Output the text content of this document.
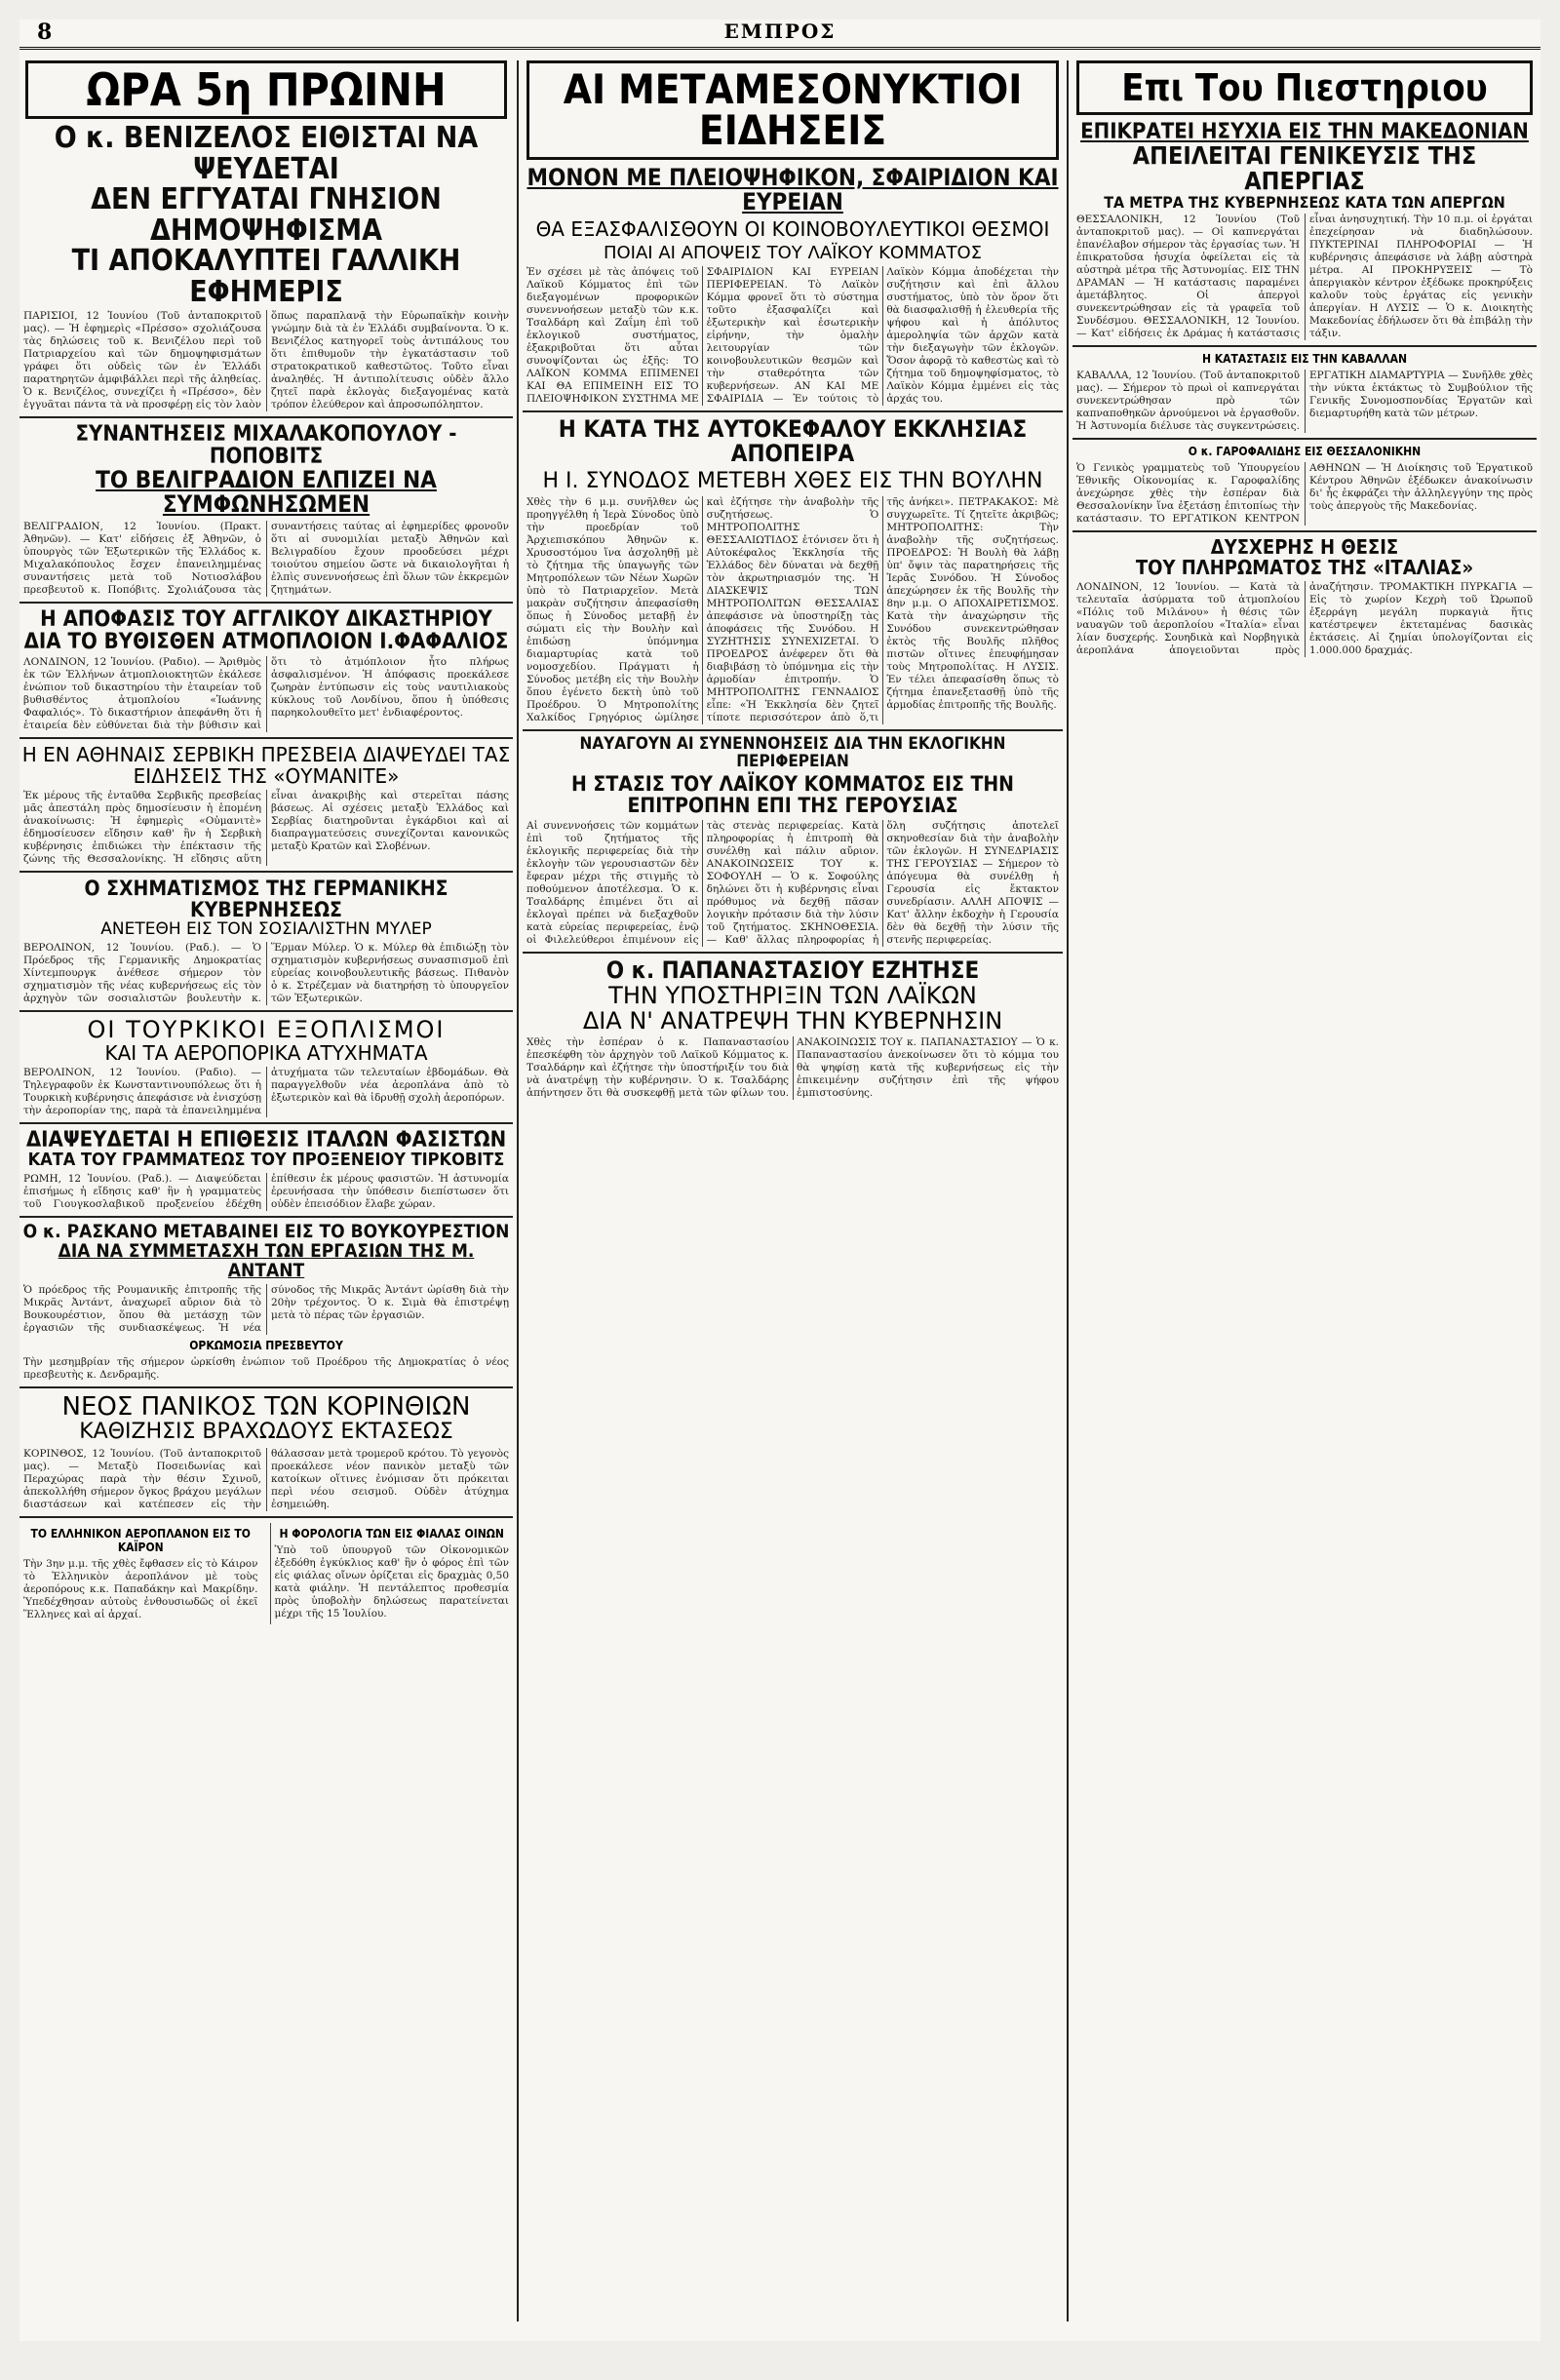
8	ΕΜΠΡΟΣ
ΩΡΑ 5η ΠΡΩΙΝΗ
Ο κ. ΒΕΝΙΖΕΛΟΣ ΕΙΘΙΣΤΑΙ ΝΑ ΨΕΥΔΕΤΑΙ
ΔΕΝ ΕΓΓΥΑΤΑΙ ΓΝΗΣΙΟΝ ΔΗΜΟΨΗΦΙΣΜΑ
ΤΙ ΑΠΟΚΑΛΥΠΤΕΙ ΓΑΛΛΙΚΗ ΕΦΗΜΕΡΙΣ
ΠΑΡΙΣΙΟΙ, 12 Ἰουνίου (Τοῦ ἀνταποκριτοῦ μας). — Ἡ ἐφημερὶς «Πρέσσο» σχολιάζουσα τὰς δηλώσεις τοῦ κ. Βενιζέλου περὶ τοῦ Πατριαρχείου καὶ τῶν δημοψηφισμάτων γράφει ὅτι οὐδεὶς τῶν ἐν Ἑλλάδι παρατηρητῶν ἀμφιβάλλει περὶ τῆς ἀληθείας. Ὁ κ. Βενιζέλος, συνεχίζει ἡ «Πρέσσο», δὲν ἐγγυᾶται πάντα τὰ νὰ προσφέρῃ εἰς τὸν λαὸν ὅπως παραπλανᾷ τὴν Εὐρωπαϊκὴν κοινὴν γνώμην διὰ τὰ ἐν Ἑλλάδι συμβαίνοντα. Ὁ κ. Βενιζέλος κατηγορεῖ τοὺς ἀντιπάλους του ὅτι ἐπιθυμοῦν τὴν ἐγκατάστασιν τοῦ στρατοκρατικοῦ καθεστῶτος. Τοῦτο εἶναι ἀναληθές. Ἡ ἀντιπολίτευσις οὐδὲν ἄλλο ζητεῖ παρὰ ἐκλογὰς διεξαγομένας κατὰ τρόπον ἐλεύθερον καὶ ἀπροσωπόληπτον.
ΣΥΝΑΝΤΗΣΕΙΣ ΜΙΧΑΛΑΚΟΠΟΥΛΟΥ - ΠΟΠΟΒΙΤΣ
ΤΟ ΒΕΛΙΓΡΑΔΙΟΝ ΕΛΠΙΖΕΙ ΝΑ ΣΥΜΦΩΝΗΣΩΜΕΝ
ΒΕΛΙΓΡΑΔΙΟΝ, 12 Ἰουνίου. (Πρακτ. Ἀθηνῶν). — Κατ' εἰδήσεις ἐξ Ἀθηνῶν, ὁ ὑπουργὸς τῶν Ἐξωτερικῶν τῆς Ἑλλάδος κ. Μιχαλακόπουλος ἔσχεν ἐπανειλημμένας συναντήσεις μετὰ τοῦ Νοτιοσλάβου πρεσβευτοῦ κ. Ποπόβιτς. Σχολιάζουσα τὰς συναντήσεις ταύτας αἱ ἐφημερίδες φρονοῦν ὅτι αἱ συνομιλίαι μεταξὺ Ἀθηνῶν καὶ Βελιγραδίου ἔχουν προοδεύσει μέχρι τοιούτου σημείου ὥστε νὰ δικαιολογῆται ἡ ἐλπὶς συνεννοήσεως ἐπὶ ὅλων τῶν ἐκκρεμῶν ζητημάτων.
Η ΑΠΟΦΑΣΙΣ ΤΟΥ ΑΓΓΛΙΚΟΥ ΔΙΚΑΣΤΗΡΙΟΥ
ΔΙΑ ΤΟ ΒΥΘΙΣΘΕΝ ΑΤΜΟΠΛΟΙΟΝ Ι.ΦΑΦΑΛΙΟΣ
ΛΟΝΔΙΝΟΝ, 12 Ἰουνίου. (Ραδιο). — Ἀριθμὸς ἐκ τῶν Ἑλλήνων ἀτμοπλοιοκτητῶν ἐκάλεσε ἐνώπιον τοῦ δικαστηρίου τὴν ἑταιρείαν τοῦ βυθισθέντος ἀτμοπλοίου «Ἰωάννης Φαφαλιός». Τὸ δικαστήριον ἀπεφάνθη ὅτι ἡ ἑταιρεία δὲν εὐθύνεται διὰ τὴν βύθισιν καὶ ὅτι τὸ ἀτμόπλοιον ἦτο πλήρως ἀσφαλισμένον. Ἡ ἀπόφασις προεκάλεσε ζωηρὰν ἐντύπωσιν εἰς τοὺς ναυτιλιακοὺς κύκλους τοῦ Λονδίνου, ὅπου ἡ ὑπόθεσις παρηκολουθεῖτο μετ' ἐνδιαφέροντος.
Η ΕΝ ΑΘΗΝΑΙΣ ΣΕΡΒΙΚΗ ΠΡΕΣΒΕΙΑ ΔΙΑΨΕΥΔΕΙ ΤΑΣ ΕΙΔΗΣΕΙΣ ΤΗΣ «ΟΥΜΑΝΙΤΕ»
Ἐκ μέρους τῆς ἐνταῦθα Σερβικῆς πρεσβείας μᾶς ἀπεστάλη πρὸς δημοσίευσιν ἡ ἑπομένη ἀνακοίνωσις: Ἡ ἐφημερὶς «Οὐμανιτὲ» ἐδημοσίευσεν εἴδησιν καθ' ἣν ἡ Σερβικὴ κυβέρνησις ἐπιδιώκει τὴν ἐπέκτασιν τῆς ζώνης τῆς Θεσσαλονίκης. Ἡ εἴδησις αὕτη εἶναι ἀνακριβὴς καὶ στερεῖται πάσης βάσεως. Αἱ σχέσεις μεταξὺ Ἑλλάδος καὶ Σερβίας διατηροῦνται ἐγκάρδιοι καὶ αἱ διαπραγματεύσεις συνεχίζονται κανονικῶς μεταξὺ Κρατῶν καὶ Σλοβένων.
Ο ΣΧΗΜΑΤΙΣΜΟΣ ΤΗΣ ΓΕΡΜΑΝΙΚΗΣ ΚΥΒΕΡΝΗΣΕΩΣ
ΑΝΕΤΕΘΗ ΕΙΣ ΤΟΝ ΣΟΣΙΑΛΙΣΤΗΝ ΜΥΛΕΡ
ΒΕΡΟΛΙΝΟΝ, 12 Ἰουνίου. (Ραδ.). — Ὁ Πρόεδρος τῆς Γερμανικῆς Δημοκρατίας Χίντεμπουργκ ἀνέθεσε σήμερον τὸν σχηματισμὸν τῆς νέας κυβερνήσεως εἰς τὸν ἀρχηγὸν τῶν σοσιαλιστῶν βουλευτὴν κ. Ἕρμαν Μύλερ. Ὁ κ. Μύλερ θὰ ἐπιδιώξῃ τὸν σχηματισμὸν κυβερνήσεως συνασπισμοῦ ἐπὶ εὐρείας κοινοβουλευτικῆς βάσεως. Πιθανὸν ὁ κ. Στρέζεμαν νὰ διατηρήσῃ τὸ ὑπουργεῖον τῶν Ἐξωτερικῶν.
ΟΙ ΤΟΥΡΚΙΚΟΙ ΕΞΟΠΛΙΣΜΟΙ
ΚΑΙ ΤΑ ΑΕΡΟΠΟΡΙΚΑ ΑΤΥΧΗΜΑΤΑ
ΒΕΡΟΛΙΝΟΝ, 12 Ἰουνίου. (Ραδιο). — Τηλεγραφοῦν ἐκ Κωνσταντινουπόλεως ὅτι ἡ Τουρκικὴ κυβέρνησις ἀπεφάσισε νὰ ἐνισχύσῃ τὴν ἀεροπορίαν της, παρὰ τὰ ἐπανειλημμένα ἀτυχήματα τῶν τελευταίων ἑβδομάδων. Θὰ παραγγελθοῦν νέα ἀεροπλάνα ἀπὸ τὸ ἐξωτερικὸν καὶ θὰ ἱδρυθῇ σχολὴ ἀεροπόρων.
ΔΙΑΨΕΥΔΕΤΑΙ Η ΕΠΙΘΕΣΙΣ ΙΤΑΛΩΝ ΦΑΣΙΣΤΩΝ
ΚΑΤΑ ΤΟΥ ΓΡΑΜΜΑΤΕΩΣ ΤΟΥ ΠΡΟΞΕΝΕΙΟΥ ΤΙΡΚΟΒΙΤΣ
ΡΩΜΗ, 12 Ἰουνίου. (Ραδ.). — Διαψεύδεται ἐπισήμως ἡ εἴδησις καθ' ἣν ἡ γραμματεὺς τοῦ Γιουγκοσλαβικοῦ προξενείου ἐδέχθη ἐπίθεσιν ἐκ μέρους φασιστῶν. Ἡ ἀστυνομία ἐρευνήσασα τὴν ὑπόθεσιν διεπίστωσεν ὅτι οὐδὲν ἐπεισόδιον ἔλαβε χώραν.
Ο κ. ΡΑΣΚΑΝΟ ΜΕΤΑΒΑΙΝΕΙ ΕΙΣ ΤΟ ΒΟΥΚΟΥΡΕΣΤΙΟΝ
ΔΙΑ ΝΑ ΣΥΜΜΕΤΑΣΧΗ ΤΩΝ ΕΡΓΑΣΙΩΝ ΤΗΣ Μ. ΑΝΤΑΝΤ
Ὁ πρόεδρος τῆς Ρουμανικῆς ἐπιτροπῆς τῆς Μικρᾶς Ἀντάντ, ἀναχωρεῖ αὔριον διὰ τὸ Βουκουρέστιον, ὅπου θὰ μετάσχῃ τῶν ἐργασιῶν τῆς συνδιασκέψεως. Ἡ νέα σύνοδος τῆς Μικρᾶς Ἀντάντ ὡρίσθη διὰ τὴν 20ὴν τρέχοντος. Ὁ κ. Σιμὰ θὰ ἐπιστρέψῃ μετὰ τὸ πέρας τῶν ἐργασιῶν.
ΟΡΚΩΜΟΣΙΑ ΠΡΕΣΒΕΥΤΟΥ
Τὴν μεσημβρίαν τῆς σήμερον ὡρκίσθη ἐνώπιον τοῦ Προέδρου τῆς Δημοκρατίας ὁ νέος πρεσβευτὴς κ. Δενδραμῆς.
ΝΕΟΣ ΠΑΝΙΚΟΣ ΤΩΝ ΚΟΡΙΝΘΙΩΝ
ΚΑΘΙΖΗΣΙΣ ΒΡΑΧΩΔΟΥΣ ΕΚΤΑΣΕΩΣ
ΚΟΡΙΝΘΟΣ, 12 Ἰουνίου. (Τοῦ ἀνταποκριτοῦ μας). — Μεταξὺ Ποσειδωνίας καὶ Περαχώρας παρὰ τὴν θέσιν Σχινοῦ, ἀπεκολλήθη σήμερον ὄγκος βράχου μεγάλων διαστάσεων καὶ κατέπεσεν εἰς τὴν θάλασσαν μετὰ τρομεροῦ κρότου. Τὸ γεγονὸς προεκάλεσε νέον πανικὸν μεταξὺ τῶν κατοίκων οἵτινες ἐνόμισαν ὅτι πρόκειται περὶ νέου σεισμοῦ. Οὐδὲν ἀτύχημα ἐσημειώθη.
ΤΟ ΕΛΛΗΝΙΚΟΝ ΑΕΡΟΠΛΑΝΟΝ ΕΙΣ ΤΟ ΚΑΪΡΟΝ
Τὴν 3ην μ.μ. τῆς χθὲς ἔφθασεν εἰς τὸ Κάιρον τὸ Ἑλληνικὸν ἀεροπλάνον μὲ τοὺς ἀεροπόρους κ.κ. Παπαδάκην καὶ Μακρίδην. Ὑπεδέχθησαν αὐτοὺς ἐνθουσιωδῶς οἱ ἐκεῖ Ἕλληνες καὶ αἱ ἀρχαί.
Η ΦΟΡΟΛΟΓΙΑ ΤΩΝ ΕΙΣ ΦΙΑΛΑΣ ΟΙΝΩΝ
Ὑπὸ τοῦ ὑπουργοῦ τῶν Οἰκονομικῶν ἐξεδόθη ἐγκύκλιος καθ' ἣν ὁ φόρος ἐπὶ τῶν εἰς φιάλας οἴνων ὁρίζεται εἰς δραχμὰς 0,50 κατὰ φιάλην. Ἡ πεντάλεπτος προθεσμία πρὸς ὑποβολὴν δηλώσεως παρατείνεται μέχρι τῆς 15 Ἰουλίου.
ΑΙ ΜΕΤΑΜΕΣΟΝΥΚΤΙΟΙ ΕΙΔΗΣΕΙΣ
ΜΟΝΟΝ ΜΕ ΠΛΕΙΟΨΗΦΙΚΟΝ, ΣΦΑΙΡΙΔΙΟΝ ΚΑΙ ΕΥΡΕΙΑΝ
ΘΑ ΕΞΑΣΦΑΛΙΣΘΟΥΝ ΟΙ ΚΟΙΝΟΒΟΥΛΕΥΤΙΚΟΙ ΘΕΣΜΟΙ
ΠΟΙΑΙ ΑΙ ΑΠΟΨΕΙΣ ΤΟΥ ΛΑΪΚΟΥ ΚΟΜΜΑΤΟΣ
Ἐν σχέσει μὲ τὰς ἀπόψεις τοῦ Λαϊκοῦ Κόμματος ἐπὶ τῶν διεξαγομένων προφορικῶν συνεννοήσεων μεταξὺ τῶν κ.κ. Τσαλδάρη καὶ Ζαΐμη ἐπὶ τοῦ ἐκλογικοῦ συστήματος, ἐξακριβοῦται ὅτι αὗται συνοψίζονται ὡς ἑξῆς: ΤΟ ΛΑΪΚΟΝ ΚΟΜΜΑ ΕΠΙΜΕΝΕΙ ΚΑΙ ΘΑ ΕΠΙΜΕΙΝΗ ΕΙΣ ΤΟ ΠΛΕΙΟΨΗΦΙΚΟΝ ΣΥΣΤΗΜΑ ΜΕ ΣΦΑΙΡΙΔΙΟΝ ΚΑΙ ΕΥΡΕΙΑΝ ΠΕΡΙΦΕΡΕΙΑΝ. Τὸ Λαϊκὸν Κόμμα φρονεῖ ὅτι τὸ σύστημα τοῦτο ἐξασφαλίζει καὶ ἐξωτερικὴν καὶ ἐσωτερικὴν εἰρήνην, τὴν ὁμαλὴν λειτουργίαν τῶν κοινοβουλευτικῶν θεσμῶν καὶ τὴν σταθερότητα τῶν κυβερνήσεων. ΑΝ ΚΑΙ ΜΕ ΣΦΑΙΡΙΔΙΑ — Ἐν τούτοις τὸ Λαϊκὸν Κόμμα ἀποδέχεται τὴν συζήτησιν καὶ ἐπὶ ἄλλου συστήματος, ὑπὸ τὸν ὅρον ὅτι θὰ διασφαλισθῇ ἡ ἐλευθερία τῆς ψήφου καὶ ἡ ἀπόλυτος ἀμεροληψία τῶν ἀρχῶν κατὰ τὴν διεξαγωγὴν τῶν ἐκλογῶν. Ὅσον ἀφορᾷ τὸ καθεστὼς καὶ τὸ ζήτημα τοῦ δημοψηφίσματος, τὸ Λαϊκὸν Κόμμα ἐμμένει εἰς τὰς ἀρχάς του.
Η ΚΑΤΑ ΤΗΣ ΑΥΤΟΚΕΦΑΛΟΥ ΕΚΚΛΗΣΙΑΣ ΑΠΟΠΕΙΡΑ
Η Ι. ΣΥΝΟΔΟΣ ΜΕΤΕΒΗ ΧΘΕΣ ΕΙΣ ΤΗΝ ΒΟΥΛΗΝ
Χθὲς τὴν 6 μ.μ. συνῆλθεν ὡς προηγγέλθη ἡ Ἱερὰ Σύνοδος ὑπὸ τὴν προεδρίαν τοῦ Ἀρχιεπισκόπου Ἀθηνῶν κ. Χρυσοστόμου ἵνα ἀσχοληθῇ μὲ τὸ ζήτημα τῆς ὑπαγωγῆς τῶν Μητροπόλεων τῶν Νέων Χωρῶν ὑπὸ τὸ Πατριαρχεῖον. Μετὰ μακρὰν συζήτησιν ἀπεφασίσθη ὅπως ἡ Σύνοδος μεταβῇ ἐν σώματι εἰς τὴν Βουλὴν καὶ ἐπιδώσῃ ὑπόμνημα διαμαρτυρίας κατὰ τοῦ νομοσχεδίου. Πράγματι ἡ Σύνοδος μετέβη εἰς τὴν Βουλὴν ὅπου ἐγένετο δεκτὴ ὑπὸ τοῦ Προέδρου. Ὁ Μητροπολίτης Χαλκίδος Γρηγόριος ὡμίλησε καὶ ἐζήτησε τὴν ἀναβολὴν τῆς συζητήσεως. Ὁ ΜΗΤΡΟΠΟΛΙΤΗΣ ΘΕΣΣΑΛΙΩΤΙΔΟΣ ἐτόνισεν ὅτι ἡ Αὐτοκέφαλος Ἐκκλησία τῆς Ἑλλάδος δὲν δύναται νὰ δεχθῇ τὸν ἀκρωτηριασμόν της. Ἡ ΔΙΑΣΚΕΨΙΣ ΤΩΝ ΜΗΤΡΟΠΟΛΙΤΩΝ ΘΕΣΣΑΛΙΑΣ ἀπεφάσισε νὰ ὑποστηρίξῃ τὰς ἀποφάσεις τῆς Συνόδου. Η ΣΥΖΗΤΗΣΙΣ ΣΥΝΕΧΙΖΕΤΑΙ. Ὁ ΠΡΟΕΔΡΟΣ ἀνέφερεν ὅτι θὰ διαβιβάσῃ τὸ ὑπόμνημα εἰς τὴν ἁρμοδίαν ἐπιτροπήν. Ὁ ΜΗΤΡΟΠΟΛΙΤΗΣ ΓΕΝΝΑΔΙΟΣ εἶπε: «Ἡ Ἐκκλησία δὲν ζητεῖ τίποτε περισσότερον ἀπὸ ὅ,τι τῆς ἀνήκει». ΠΕΤΡΑΚΑΚΟΣ: Μὲ συγχωρεῖτε. Τί ζητεῖτε ἀκριβῶς; ΜΗΤΡΟΠΟΛΙΤΗΣ: Τὴν ἀναβολὴν τῆς συζητήσεως. ΠΡΟΕΔΡΟΣ: Ἡ Βουλὴ θὰ λάβῃ ὑπ' ὄψιν τὰς παρατηρήσεις τῆς Ἱερᾶς Συνόδου. Ἡ Σύνοδος ἀπεχώρησεν ἐκ τῆς Βουλῆς τὴν 8ην μ.μ. Ο ΑΠΟΧΑΙΡΕΤΙΣΜΟΣ. Κατὰ τὴν ἀναχώρησιν τῆς Συνόδου συνεκεντρώθησαν ἐκτὸς τῆς Βουλῆς πλῆθος πιστῶν οἵτινες ἐπευφήμησαν τοὺς Μητροπολίτας. Η ΛΥΣΙΣ. Ἐν τέλει ἀπεφασίσθη ὅπως τὸ ζήτημα ἐπανεξετασθῇ ὑπὸ τῆς ἁρμοδίας ἐπιτροπῆς τῆς Βουλῆς.
ΝΑΥΑΓΟΥΝ ΑΙ ΣΥΝΕΝΝΟΗΣΕΙΣ ΔΙΑ ΤΗΝ ΕΚΛΟΓΙΚΗΝ ΠΕΡΙΦΕΡΕΙΑΝ
Η ΣΤΑΣΙΣ ΤΟΥ ΛΑΪΚΟΥ ΚΟΜΜΑΤΟΣ ΕΙΣ ΤΗΝ ΕΠΙΤΡΟΠΗΝ ΕΠΙ ΤΗΣ ΓΕΡΟΥΣΙΑΣ
Αἱ συνεννοήσεις τῶν κομμάτων ἐπὶ τοῦ ζητήματος τῆς ἐκλογικῆς περιφερείας διὰ τὴν ἐκλογὴν τῶν γερουσιαστῶν δὲν ἔφεραν μέχρι τῆς στιγμῆς τὸ ποθούμενον ἀποτέλεσμα. Ὁ κ. Τσαλδάρης ἐπιμένει ὅτι αἱ ἐκλογαὶ πρέπει νὰ διεξαχθοῦν κατὰ εὐρείας περιφερείας, ἐνῷ οἱ Φιλελεύθεροι ἐπιμένουν εἰς τὰς στενὰς περιφερείας. Κατὰ πληροφορίας ἡ ἐπιτροπὴ θὰ συνέλθῃ καὶ πάλιν αὔριον. ΑΝΑΚΟΙΝΩΣΕΙΣ ΤΟΥ κ. ΣΟΦΟΥΛΗ — Ὁ κ. Σοφούλης δηλώνει ὅτι ἡ κυβέρνησις εἶναι πρόθυμος νὰ δεχθῇ πᾶσαν λογικὴν πρότασιν διὰ τὴν λύσιν τοῦ ζητήματος. ΣΚΗΝΟΘΕΣΙΑ. — Καθ' ἅλλας πληροφορίας ἡ ὅλη συζήτησις ἀποτελεῖ σκηνοθεσίαν διὰ τὴν ἀναβολὴν τῶν ἐκλογῶν. Η ΣΥΝΕΔΡΙΑΣΙΣ ΤΗΣ ΓΕΡΟΥΣΙΑΣ — Σήμερον τὸ ἀπόγευμα θὰ συνέλθῃ ἡ Γερουσία εἰς ἔκτακτον συνεδρίασιν. ΑΛΛΗ ΑΠΟΨΙΣ — Κατ' ἄλλην ἐκδοχὴν ἡ Γερουσία δὲν θὰ δεχθῇ τὴν λύσιν τῆς στενῆς περιφερείας.
Ο κ. ΠΑΠΑΝΑΣΤΑΣΙΟΥ ΕΖΗΤΗΣΕ
ΤΗΝ ΥΠΟΣΤΗΡΙΞΙΝ ΤΩΝ ΛΑΪΚΩΝ
ΔΙΑ Ν' ΑΝΑΤΡΕΨΗ ΤΗΝ ΚΥΒΕΡΝΗΣΙΝ
Χθὲς τὴν ἑσπέραν ὁ κ. Παπαναστασίου ἐπεσκέφθη τὸν ἀρχηγὸν τοῦ Λαϊκοῦ Κόμματος κ. Τσαλδάρην καὶ ἐζήτησε τὴν ὑποστήριξίν του διὰ νὰ ἀνατρέψῃ τὴν κυβέρνησιν. Ὁ κ. Τσαλδάρης ἀπήντησεν ὅτι θὰ συσκεφθῇ μετὰ τῶν φίλων του. ΑΝΑΚΟΙΝΩΣΙΣ ΤΟΥ κ. ΠΑΠΑΝΑΣΤΑΣΙΟΥ — Ὁ κ. Παπαναστασίου ἀνεκοίνωσεν ὅτι τὸ κόμμα του θὰ ψηφίσῃ κατὰ τῆς κυβερνήσεως εἰς τὴν ἐπικειμένην συζήτησιν ἐπὶ τῆς ψήφου ἐμπιστοσύνης.
Επι Του Πιεστηριου
ΕΠΙΚΡΑΤΕΙ ΗΣΥΧΙΑ ΕΙΣ ΤΗΝ ΜΑΚΕΔΟΝΙΑΝ
ΑΠΕΙΛΕΙΤΑΙ ΓΕΝΙΚΕΥΣΙΣ ΤΗΣ ΑΠΕΡΓΙΑΣ
ΤΑ ΜΕΤΡΑ ΤΗΣ ΚΥΒΕΡΝΗΣΕΩΣ ΚΑΤΑ ΤΩΝ ΑΠΕΡΓΩΝ
ΘΕΣΣΑΛΟΝΙΚΗ, 12 Ἰουνίου (Τοῦ ἀνταποκριτοῦ μας). — Οἱ καπνεργάται ἐπανέλαβον σήμερον τὰς ἐργασίας των. Ἡ ἐπικρατοῦσα ἡσυχία ὀφείλεται εἰς τὰ αὐστηρὰ μέτρα τῆς Ἀστυνομίας. ΕΙΣ ΤΗΝ ΔΡΑΜΑΝ — Ἡ κατάστασις παραμένει ἀμετάβλητος. Οἱ ἀπεργοὶ συνεκεντρώθησαν εἰς τὰ γραφεῖα τοῦ Συνδέσμου. ΘΕΣΣΑΛΟΝΙΚΗ, 12 Ἰουνίου. — Κατ' εἰδήσεις ἐκ Δράμας ἡ κατάστασις εἶναι ἀνησυχητική. Τὴν 10 π.μ. οἱ ἐργάται ἐπεχείρησαν νὰ διαδηλώσουν. ΠΥΚΤΕΡΙΝΑΙ ΠΛΗΡΟΦΟΡΙΑΙ — Ἡ κυβέρνησις ἀπεφάσισε νὰ λάβῃ αὐστηρὰ μέτρα. ΑΙ ΠΡΟΚΗΡΥΞΕΙΣ — Τὸ ἀπεργιακὸν κέντρον ἐξέδωκε προκηρύξεις καλοῦν τοὺς ἐργάτας εἰς γενικὴν ἀπεργίαν. Η ΛΥΣΙΣ — Ὁ κ. Διοικητὴς Μακεδονίας ἐδήλωσεν ὅτι θὰ ἐπιβάλῃ τὴν τάξιν.
Η ΚΑΤΑΣΤΑΣΙΣ ΕΙΣ ΤΗΝ ΚΑΒΑΛΛΑΝ
ΚΑΒΑΛΛΑ, 12 Ἰουνίου. (Τοῦ ἀνταποκριτοῦ μας). — Σήμερον τὸ πρωὶ οἱ καπνεργάται συνεκεντρώθησαν πρὸ τῶν καπναποθηκῶν ἀρνούμενοι νὰ ἐργασθοῦν. Ἡ Ἀστυνομία διέλυσε τὰς συγκεντρώσεις. ΕΡΓΑΤΙΚΗ ΔΙΑΜΑΡΤΥΡΙΑ — Συνῆλθε χθὲς τὴν νύκτα ἐκτάκτως τὸ Συμβούλιον τῆς Γενικῆς Συνομοσπονδίας Ἐργατῶν καὶ διεμαρτυρήθη κατὰ τῶν μέτρων.
Ο κ. ΓΑΡΟΦΑΛΙΔΗΣ ΕΙΣ ΘΕΣΣΑΛΟΝΙΚΗΝ
Ὁ Γενικὸς γραμματεὺς τοῦ Ὑπουργείου Ἐθνικῆς Οἰκονομίας κ. Γαροφαλίδης ἀνεχώρησε χθὲς τὴν ἑσπέραν διὰ Θεσσαλονίκην ἵνα ἐξετάσῃ ἐπιτοπίως τὴν κατάστασιν. ΤΟ ΕΡΓΑΤΙΚΟΝ ΚΕΝΤΡΟΝ ΑΘΗΝΩΝ — Ἡ Διοίκησις τοῦ Ἐργατικοῦ Κέντρου Ἀθηνῶν ἐξέδωκεν ἀνακοίνωσιν δι' ἧς ἐκφράζει τὴν ἀλληλεγγύην της πρὸς τοὺς ἀπεργοὺς τῆς Μακεδονίας.
ΔΥΣΧΕΡΗΣ Η ΘΕΣΙΣ
ΤΟΥ ΠΛΗΡΩΜΑΤΟΣ ΤΗΣ «ΙΤΑΛΙΑΣ»
ΛΟΝΔΙΝΟΝ, 12 Ἰουνίου. — Κατὰ τὰ τελευταῖα ἀσύρματα τοῦ ἀτμοπλοίου «Πόλις τοῦ Μιλάνου» ἡ θέσις τῶν ναυαγῶν τοῦ ἀεροπλοίου «Ἰταλία» εἶναι λίαν δυσχερής. Σουηδικὰ καὶ Νορβηγικὰ ἀεροπλάνα ἀπογειοῦνται πρὸς ἀναζήτησιν. ΤΡΟΜΑΚΤΙΚΗ ΠΥΡΚΑΓΙΑ — Εἰς τὸ χωρίον Κεχρὴ τοῦ Ὠρωποῦ ἐξερράγη μεγάλη πυρκαγιὰ ἥτις κατέστρεψεν ἐκτεταμένας δασικὰς ἐκτάσεις. Αἱ ζημίαι ὑπολογίζονται εἰς 1.000.000 δραχμάς.
